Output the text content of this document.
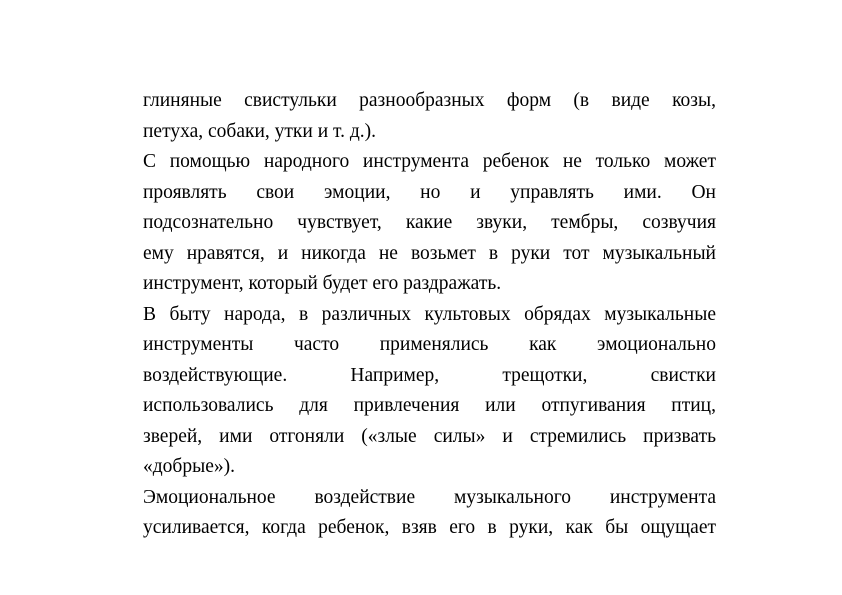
глиняные свистульки разнообразных форм (в виде козы,
петуха, собаки, утки и т. д.).
С помощью народного инструмента ребенок не только может
проявлять свои эмоции, но и управлять ими. Он
подсознательно чувствует, какие звуки, тембры, созвучия
ему нравятся, и никогда не возьмет в руки тот музыкальный
инструмент, который будет его раздражать.
В быту народа, в различных культовых обрядах музыкальные
инструменты часто применялись как эмоционально
воздействующие. Например, трещотки, свистки
использовались для привлечения или отпугивания птиц,
зверей, ими отгоняли («злые силы» и стремились призвать
«добрые»).
Эмоциональное воздействие музыкального инструмента
усиливается, когда ребенок, взяв его в руки, как бы ощущает
